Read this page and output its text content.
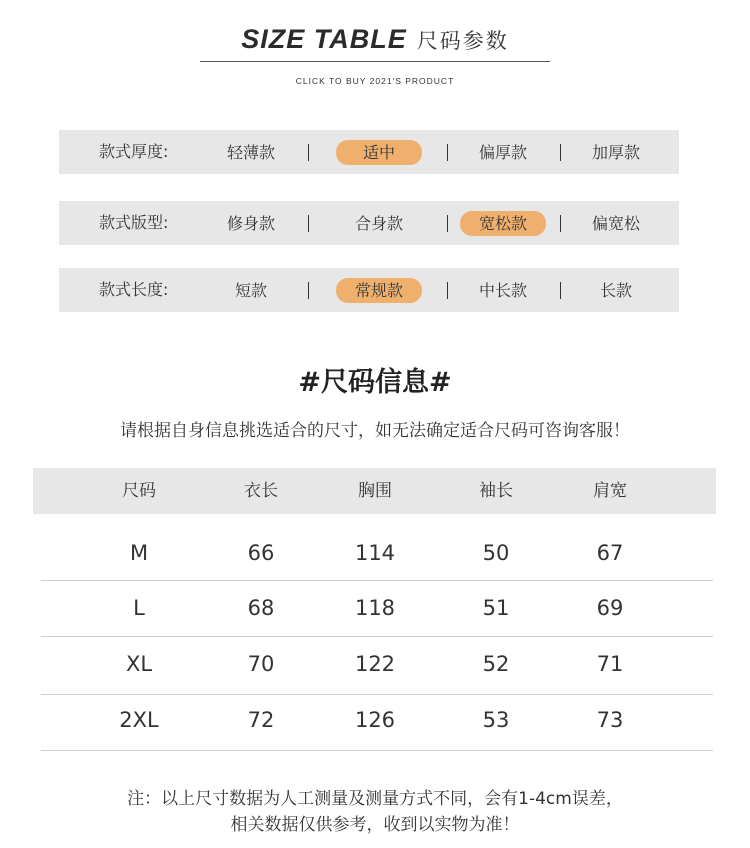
SIZE TABLE 尺码参数
CLICK TO BUY 2021'S PRODUCT
款式厚度:	轻薄款	适中	偏厚款	加厚款
款式版型:	修身款	合身款	宽松款	偏宽松
款式长度:	短款	常规款	中长款	长款
#尺码信息#
请根据自身信息挑选适合的尺寸，如无法确定适合尺码可咨询客服！
尺码	衣长	胸围	袖长	肩宽
M	66	114	50	67
L	68	118	51	69
XL	70	122	52	71
2XL	72	126	53	73
注：以上尺寸数据为人工测量及测量方式不同，会有1-4cm误差，
相关数据仅供参考，收到以实物为准！
